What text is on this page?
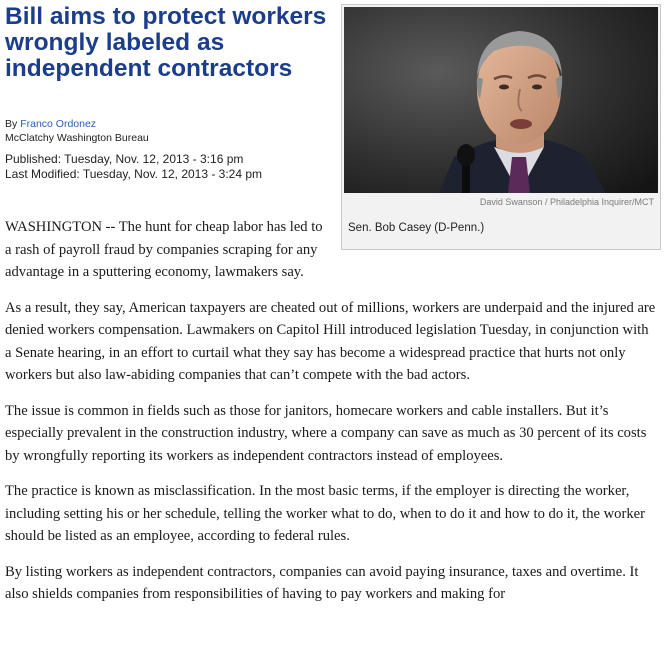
Bill aims to protect workers wrongly labeled as independent contractors
By Franco Ordonez
McClatchy Washington Bureau
Published: Tuesday, Nov. 12, 2013 - 3:16 pm
Last Modified: Tuesday, Nov. 12, 2013 - 3:24 pm
David Swanson / Philadelphia Inquirer/MCT
Sen. Bob Casey (D-Penn.)

WASHINGTON -- The hunt for cheap labor has led to a rash of payroll fraud by companies scraping for any advantage in a sputtering economy, lawmakers say.

As a result, they say, American taxpayers are cheated out of millions, workers are underpaid and the injured are denied workers compensation. Lawmakers on Capitol Hill introduced legislation Tuesday, in conjunction with a Senate hearing, in an effort to curtail what they say has become a widespread practice that hurts not only workers but also law-abiding companies that can’t compete with the bad actors.

The issue is common in fields such as those for janitors, homecare workers and cable installers. But it’s especially prevalent in the construction industry, where a company can save as much as 30 percent of its costs by wrongfully reporting its workers as independent contractors instead of employees.

The practice is known as misclassification. In the most basic terms, if the employer is directing the worker, including setting his or her schedule, telling the worker what to do, when to do it and how to do it, the worker should be listed as an employee, according to federal rules.

By listing workers as independent contractors, companies can avoid paying insurance, taxes and overtime. It also shields companies from responsibilities of having to pay workers and making for
